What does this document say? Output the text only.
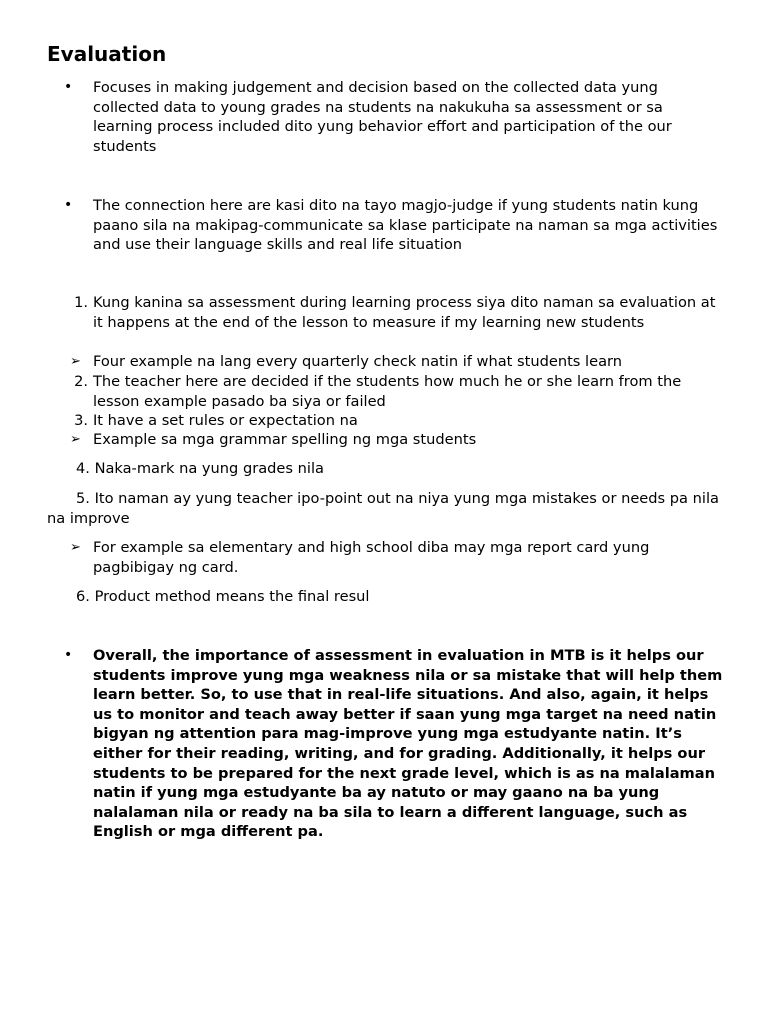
Evaluation
• Focuses in making judgement and decision based on the collected data yung collected data to young grades na students na nakukuha sa assessment or sa learning process included dito yung behavior effort and participation of the our students
• The connection here are kasi dito na tayo magjo-judge if yung students natin kung paano sila na makipag-communicate sa klase participate na naman sa mga activities and use their language skills and real life situation
1. Kung kanina sa assessment during learning process siya dito naman sa evaluation at it happens at the end of the lesson to measure if my learning new students
➢ Four example na lang every quarterly check natin if what students learn
2. The teacher here are decided if the students how much he or she learn from the lesson example pasado ba siya or failed
3. It have a set rules or expectation na
➢ Example sa mga grammar spelling ng mga students

4. Naka-mark na yung grades nila

5. Ito naman ay yung teacher ipo-point out na niya yung mga mistakes or needs pa nila na improve

➢ For example sa elementary and high school diba may mga report card yung pagbibigay ng card.

6. Product method means the final resul

• Overall, the importance of assessment in evaluation in MTB is it helps our students improve yung mga weakness nila or sa mistake that will help them learn better. So, to use that in real-life situations. And also, again, it helps us to monitor and teach away better if saan yung mga target na need natin bigyan ng attention para mag-improve yung mga estudyante natin. It’s either for their reading, writing, and for grading. Additionally, it helps our students to be prepared for the next grade level, which is as na malalaman natin if yung mga estudyante ba ay natuto or may gaano na ba yung nalalaman nila or ready na ba sila to learn a different language, such as English or mga different pa.
